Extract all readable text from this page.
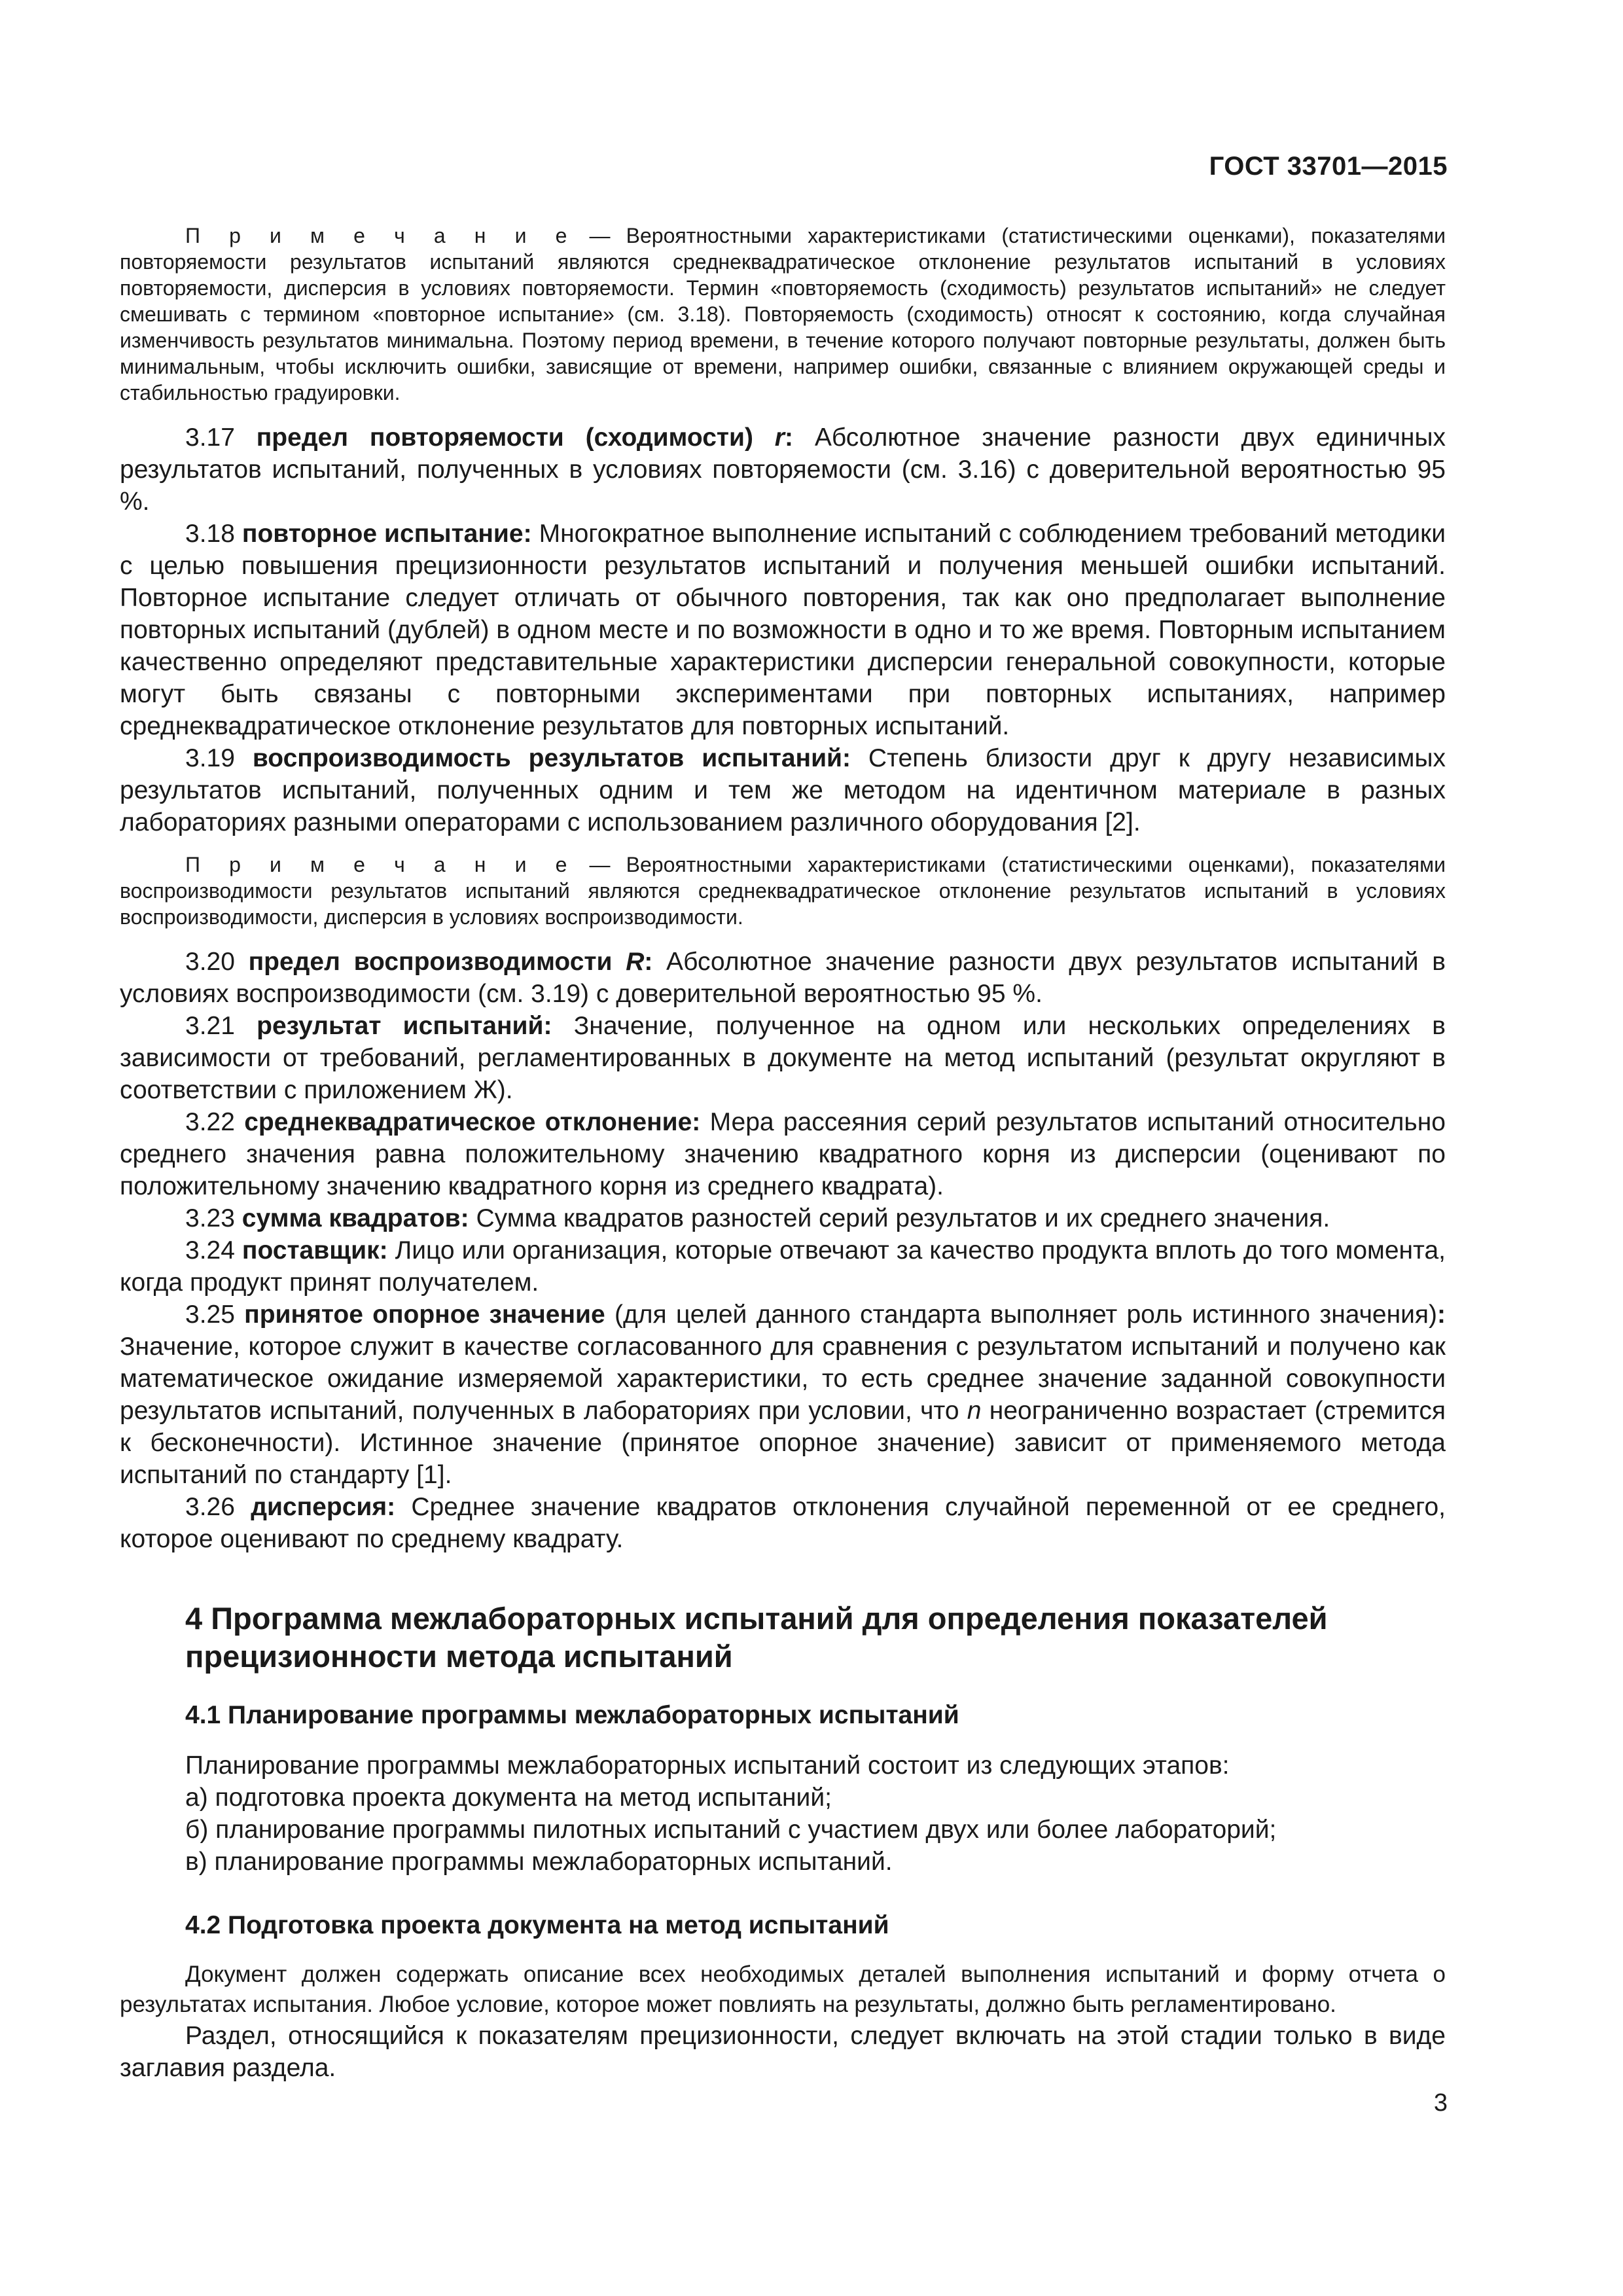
ГОСТ 33701—2015

П р и м е ч а н и е — Вероятностными характеристиками (статистическими оценками), показателями повторяемости результатов испытаний являются среднеквадратическое отклонение результатов испытаний в условиях повторяемости, дисперсия в условиях повторяемости. Термин «повторяемость (сходимость) результатов испытаний» не следует смешивать с термином «повторное испытание» (см. 3.18). Повторяемость (сходимость) относят к состоянию, когда случайная изменчивость результатов минимальна. Поэтому период времени, в течение которого получают повторные результаты, должен быть минимальным, чтобы исключить ошибки, зависящие от времени, например ошибки, связанные с влиянием окружающей среды и стабильностью градуировки.

3.17 предел повторяемости (сходимости) r: Абсолютное значение разности двух единичных результатов испытаний, полученных в условиях повторяемости (см. 3.16) с доверительной вероятностью 95 %.

3.18 повторное испытание: Многократное выполнение испытаний с соблюдением требований методики с целью повышения прецизионности результатов испытаний и получения меньшей ошибки испытаний. Повторное испытание следует отличать от обычного повторения, так как оно предполагает выполнение повторных испытаний (дублей) в одном месте и по возможности в одно и то же время. Повторным испытанием качественно определяют представительные характеристики дисперсии генеральной совокупности, которые могут быть связаны с повторными экспериментами при повторных испытаниях, например среднеквадратическое отклонение результатов для повторных испытаний.

3.19 воспроизводимость результатов испытаний: Степень близости друг к другу независимых результатов испытаний, полученных одним и тем же методом на идентичном материале в разных лабораториях разными операторами с использованием различного оборудования [2].

П р и м е ч а н и е — Вероятностными характеристиками (статистическими оценками), показателями воспроизводимости результатов испытаний являются среднеквадратическое отклонение результатов испытаний в условиях воспроизводимости, дисперсия в условиях воспроизводимости.

3.20 предел воспроизводимости R: Абсолютное значение разности двух результатов испытаний в условиях воспроизводимости (см. 3.19) с доверительной вероятностью 95 %.

3.21 результат испытаний: Значение, полученное на одном или нескольких определениях в зависимости от требований, регламентированных в документе на метод испытаний (результат округляют в соответствии с приложением Ж).

3.22 среднеквадратическое отклонение: Мера рассеяния серий результатов испытаний относительно среднего значения равна положительному значению квадратного корня из дисперсии (оценивают по положительному значению квадратного корня из среднего квадрата).

3.23 сумма квадратов: Сумма квадратов разностей серий результатов и их среднего значения.

3.24 поставщик: Лицо или организация, которые отвечают за качество продукта вплоть до того момента, когда продукт принят получателем.

3.25 принятое опорное значение (для целей данного стандарта выполняет роль истинного значения): Значение, которое служит в качестве согласованного для сравнения с результатом испытаний и получено как математическое ожидание измеряемой характеристики, то есть среднее значение заданной совокупности результатов испытаний, полученных в лабораториях при условии, что n неограниченно возрастает (стремится к бесконечности). Истинное значение (принятое опорное значение) зависит от применяемого метода испытаний по стандарту [1].

3.26 дисперсия: Среднее значение квадратов отклонения случайной переменной от ее среднего, которое оценивают по среднему квадрату.

4 Программа межлабораторных испытаний для определения показателей прецизионности метода испытаний
4.1 Планирование программы межлабораторных испытаний
Планирование программы межлабораторных испытаний состоит из следующих этапов:
а) подготовка проекта документа на метод испытаний;
б) планирование программы пилотных испытаний с участием двух или более лабораторий;
в) планирование программы межлабораторных испытаний.
4.2 Подготовка проекта документа на метод испытаний

Документ должен содержать описание всех необходимых деталей выполнения испытаний и форму отчета о результатах испытания. Любое условие, которое может повлиять на результаты, должно быть регламентировано.

Раздел, относящийся к показателям прецизионности, следует включать на этой стадии только в виде заглавия раздела.

3
